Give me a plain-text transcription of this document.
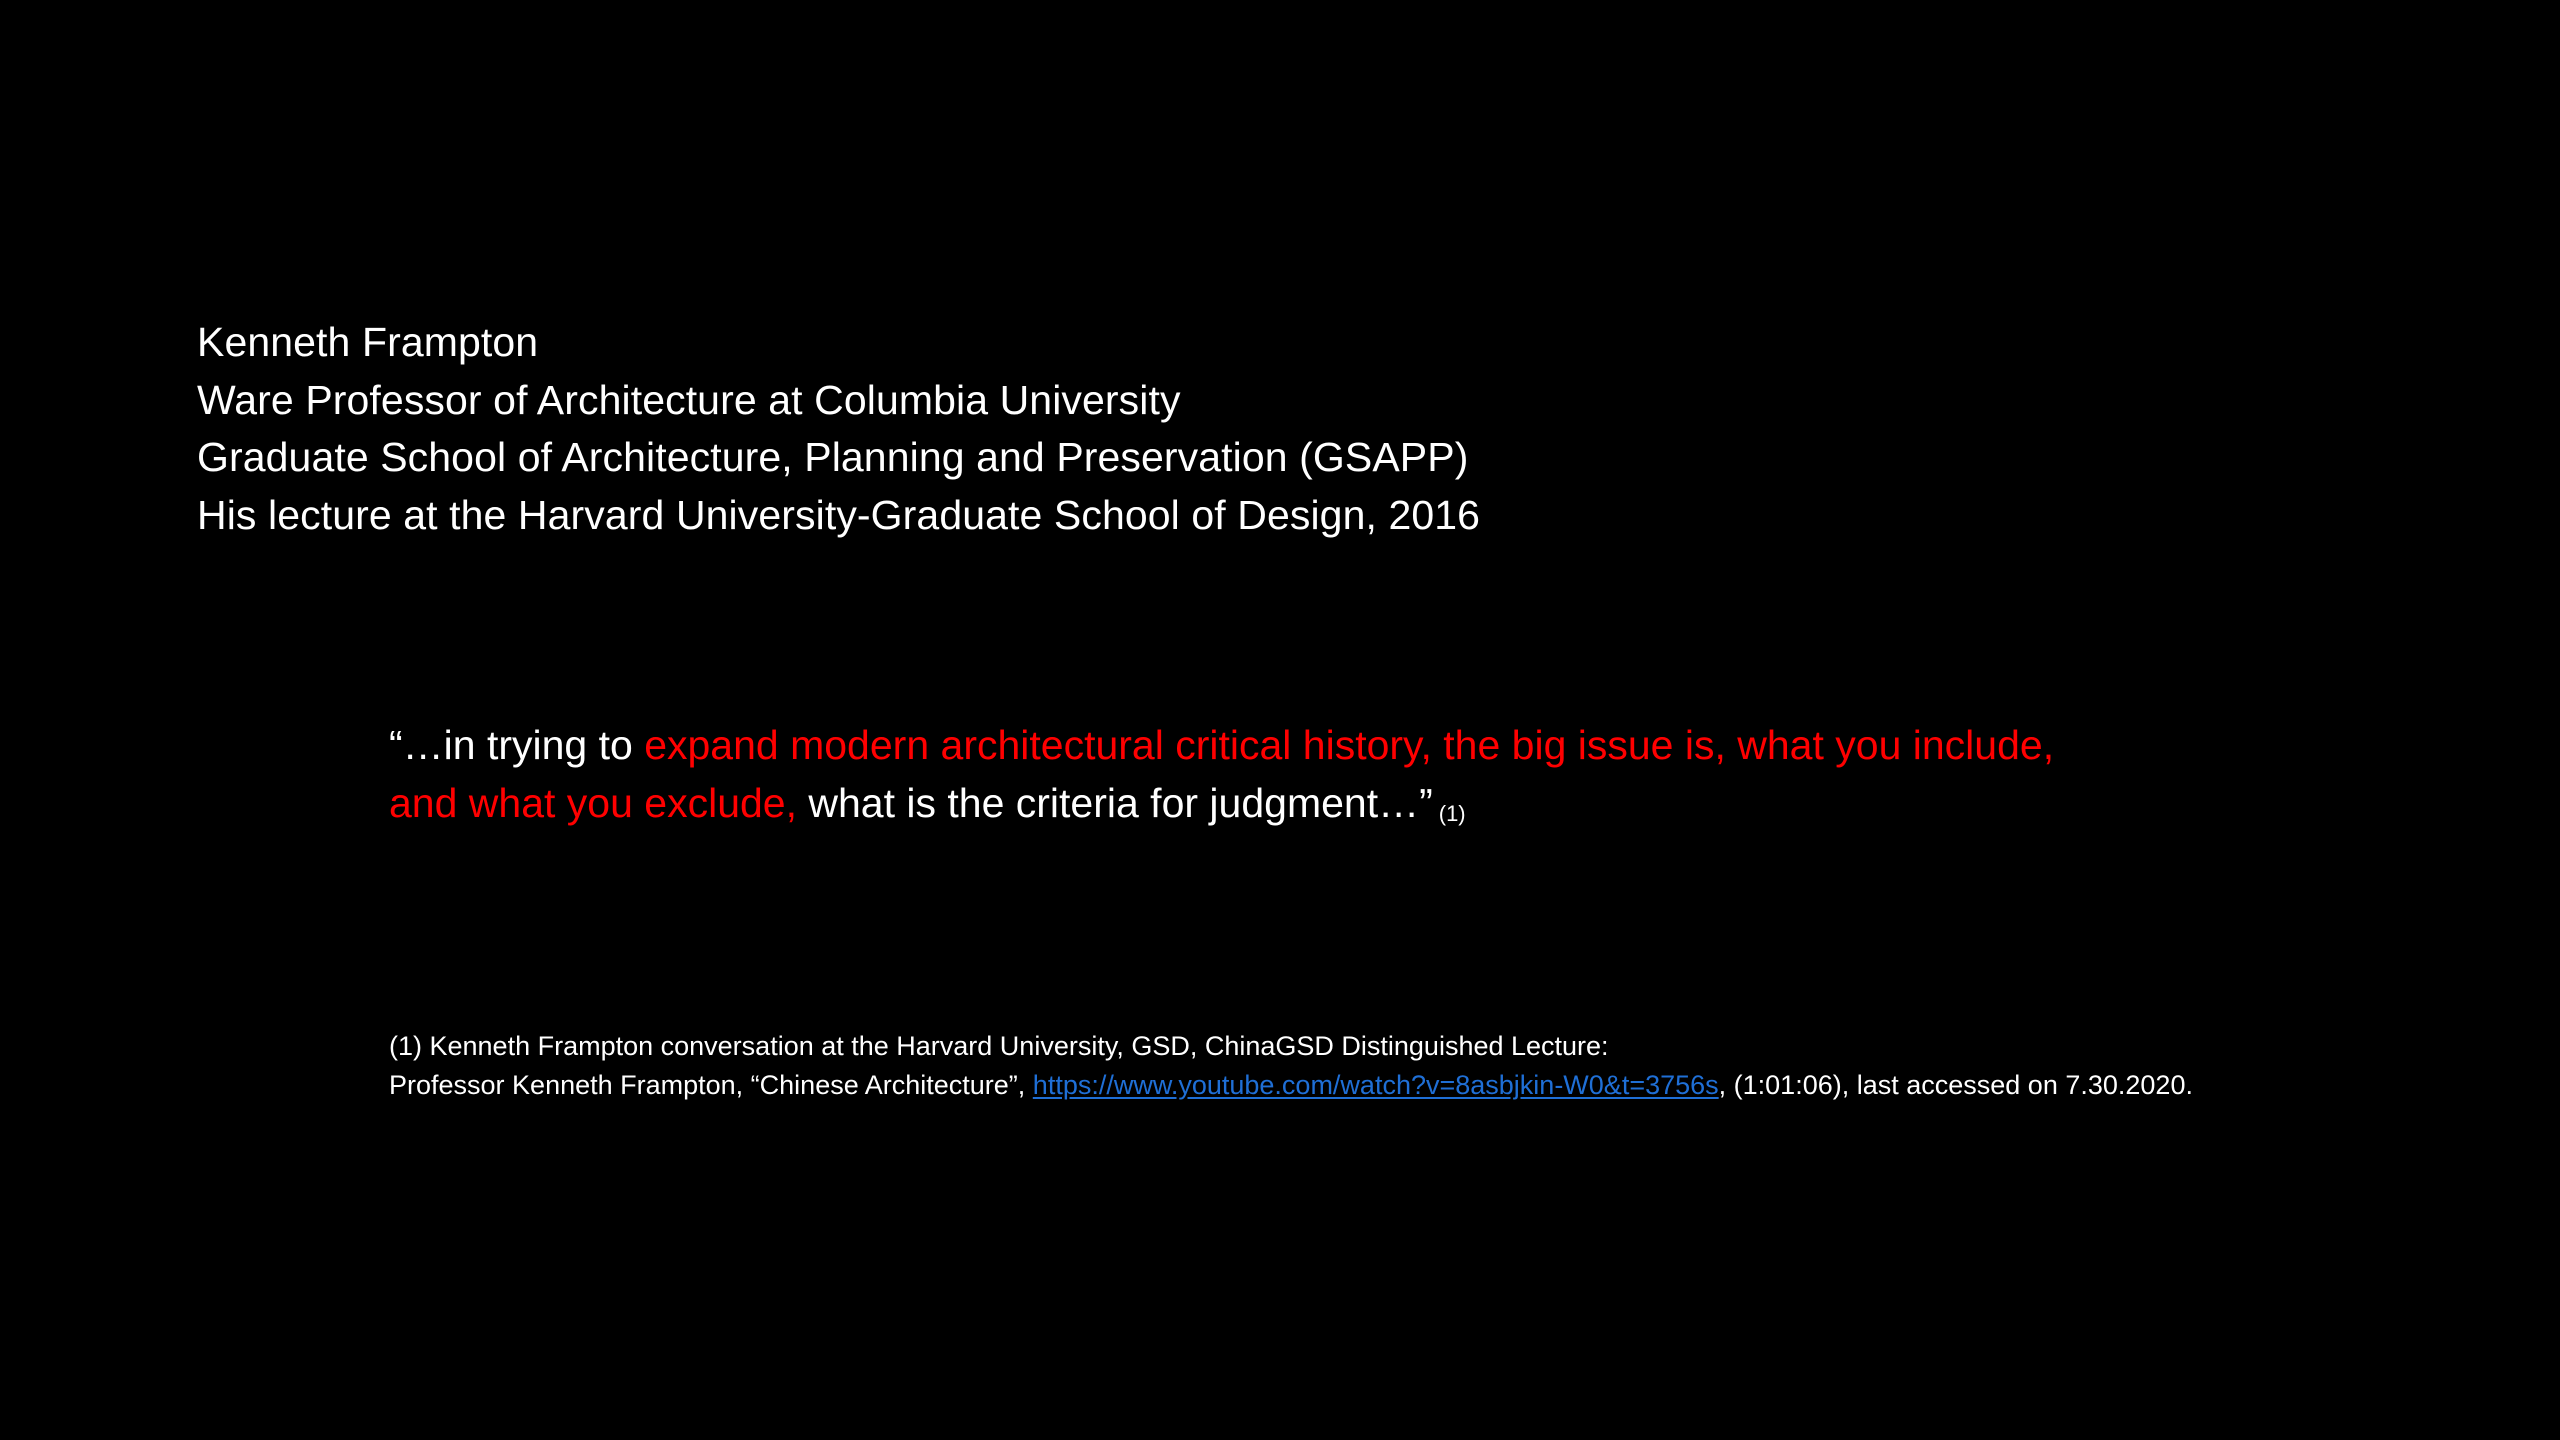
Kenneth Frampton
Ware Professor of Architecture at Columbia University
Graduate School of Architecture, Planning and Preservation (GSAPP)
His lecture at the Harvard University-Graduate School of Design, 2016
“…in trying to expand modern architectural critical history, the big issue is, what you include,
and what you exclude, what is the criteria for judgment…” (1)
(1) Kenneth Frampton conversation at the Harvard University, GSD, ChinaGSD Distinguished Lecture:
Professor Kenneth Frampton, “Chinese Architecture”, https://www.youtube.com/watch?v=8asbjkin-W0&t=3756s, (1:01:06), last accessed on 7.30.2020.
